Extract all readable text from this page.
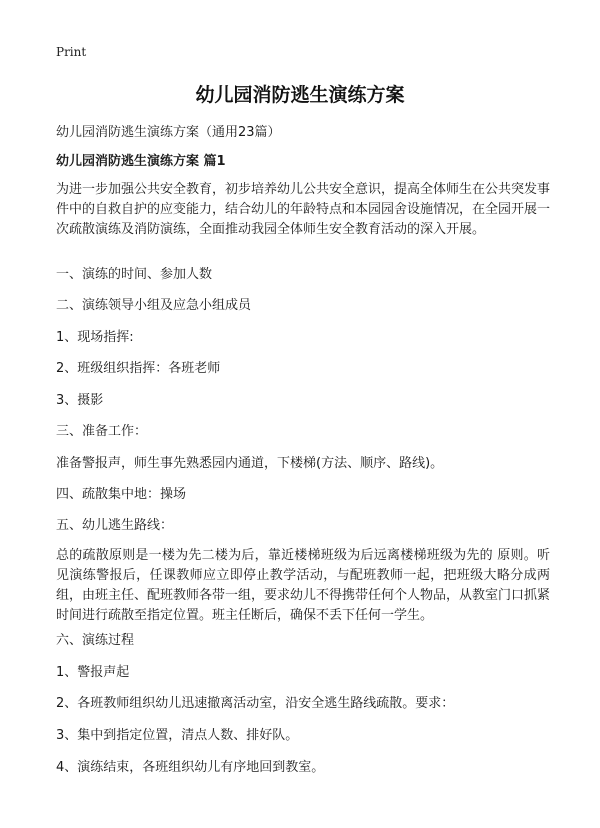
Print
幼儿园消防逃生演练方案

幼儿园消防逃生演练方案（通用23篇）

幼儿园消防逃生演练方案 篇1

为进一步加强公共安全教育，初步培养幼儿公共安全意识，提高全体师生在公共突发事件中的自救自护的应变能力，结合幼儿的年龄特点和本园园舍设施情况，在全园开展一次疏散演练及消防演练，全面推动我园全体师生安全教育活动的深入开展。

一、演练的时间、参加人数

二、演练领导小组及应急小组成员

1、现场指挥:

2、班级组织指挥：各班老师

3、摄影

三、准备工作：

准备警报声，师生事先熟悉园内通道，下楼梯(方法、顺序、路线)。

四、疏散集中地：操场

五、幼儿逃生路线：

总的疏散原则是一楼为先二楼为后，靠近楼梯班级为后远离楼梯班级为先的 原则。听见演练警报后，任课教师应立即停止教学活动，与配班教师一起，把班级大略分成两组，由班主任、配班教师各带一组，要求幼儿不得携带任何个人物品，从教室门口抓紧时间进行疏散至指定位置。班主任断后，确保不丢下任何一学生。

六、演练过程

1、警报声起

2、各班教师组织幼儿迅速撤离活动室，沿安全逃生路线疏散。要求：

3、集中到指定位置，清点人数、排好队。

4、演练结束，各班组织幼儿有序地回到教室。
